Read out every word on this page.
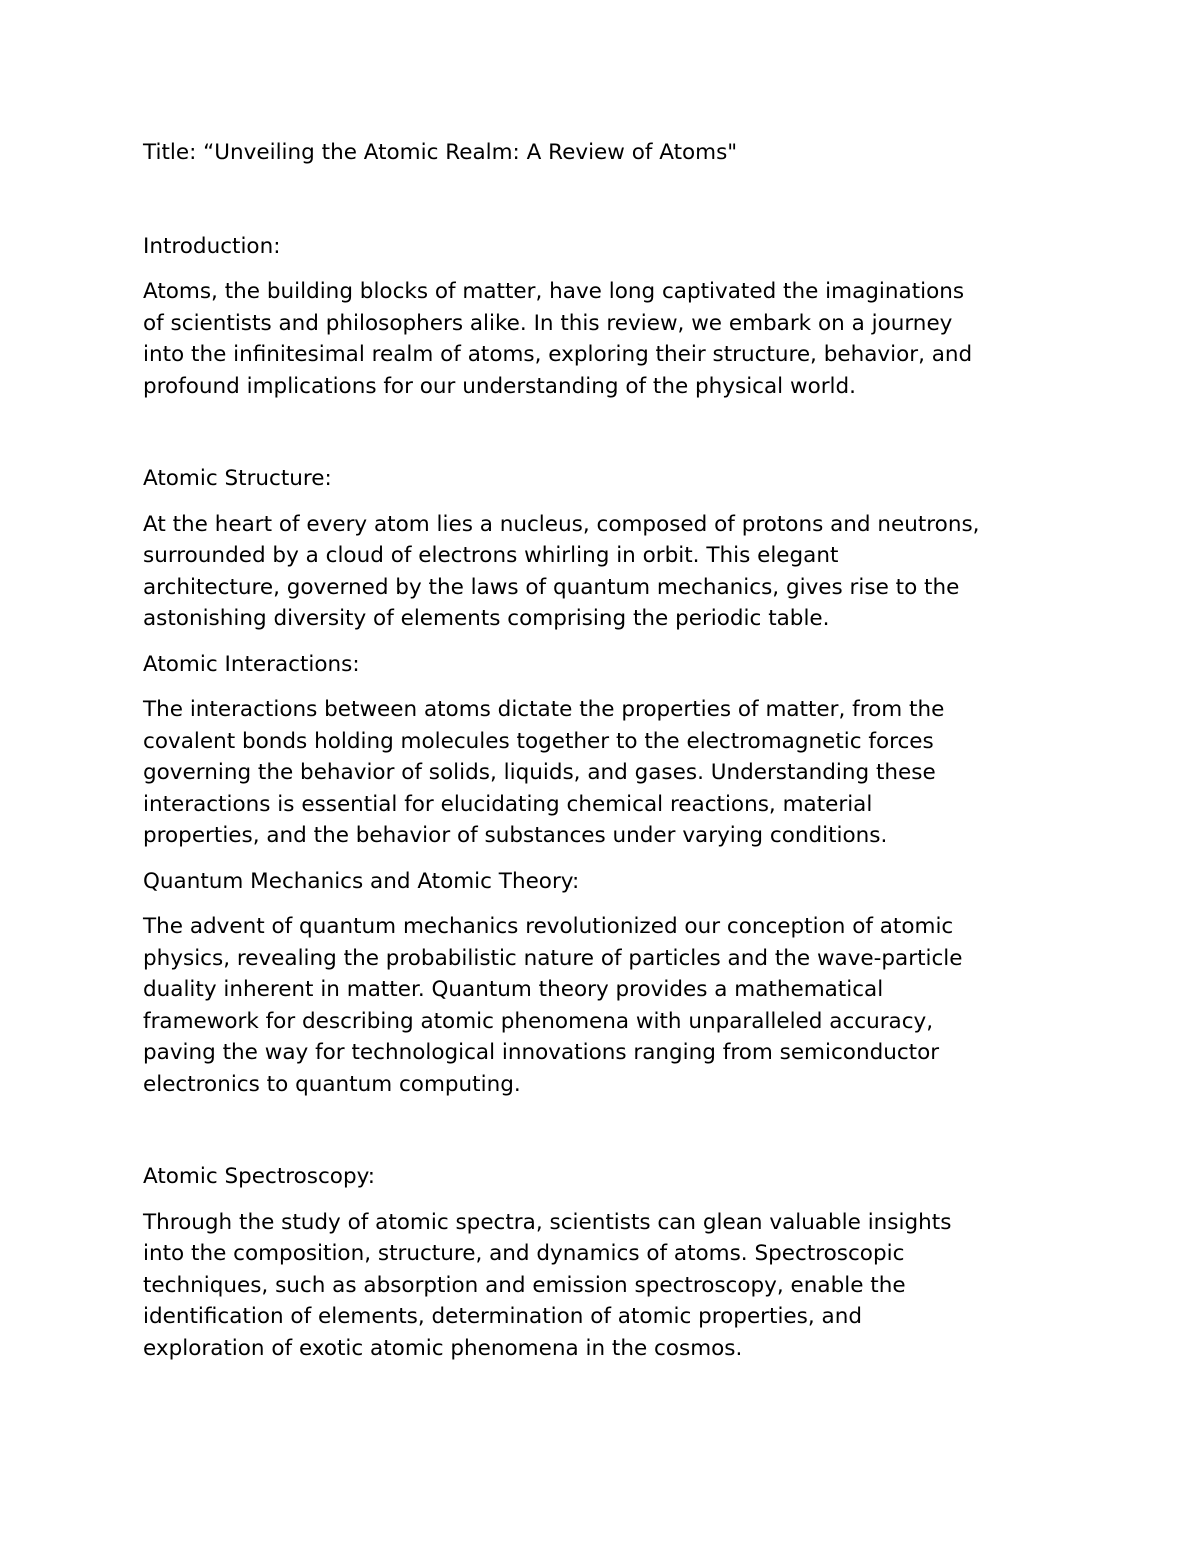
Title: “Unveiling the Atomic Realm: A Review of Atoms"

Introduction:

Atoms, the building blocks of matter, have long captivated the imaginations

of scientists and philosophers alike. In this review, we embark on a journey

into the infinitesimal realm of atoms, exploring their structure, behavior, and

profound implications for our understanding of the physical world.

Atomic Structure:

At the heart of every atom lies a nucleus, composed of protons and neutrons,

surrounded by a cloud of electrons whirling in orbit. This elegant

architecture, governed by the laws of quantum mechanics, gives rise to the

astonishing diversity of elements comprising the periodic table.

Atomic Interactions:

The interactions between atoms dictate the properties of matter, from the

covalent bonds holding molecules together to the electromagnetic forces

governing the behavior of solids, liquids, and gases. Understanding these

interactions is essential for elucidating chemical reactions, material

properties, and the behavior of substances under varying conditions.

Quantum Mechanics and Atomic Theory:

The advent of quantum mechanics revolutionized our conception of atomic

physics, revealing the probabilistic nature of particles and the wave-particle

duality inherent in matter. Quantum theory provides a mathematical

framework for describing atomic phenomena with unparalleled accuracy,

paving the way for technological innovations ranging from semiconductor

electronics to quantum computing.

Atomic Spectroscopy:

Through the study of atomic spectra, scientists can glean valuable insights

into the composition, structure, and dynamics of atoms. Spectroscopic

techniques, such as absorption and emission spectroscopy, enable the

identification of elements, determination of atomic properties, and

exploration of exotic atomic phenomena in the cosmos.
